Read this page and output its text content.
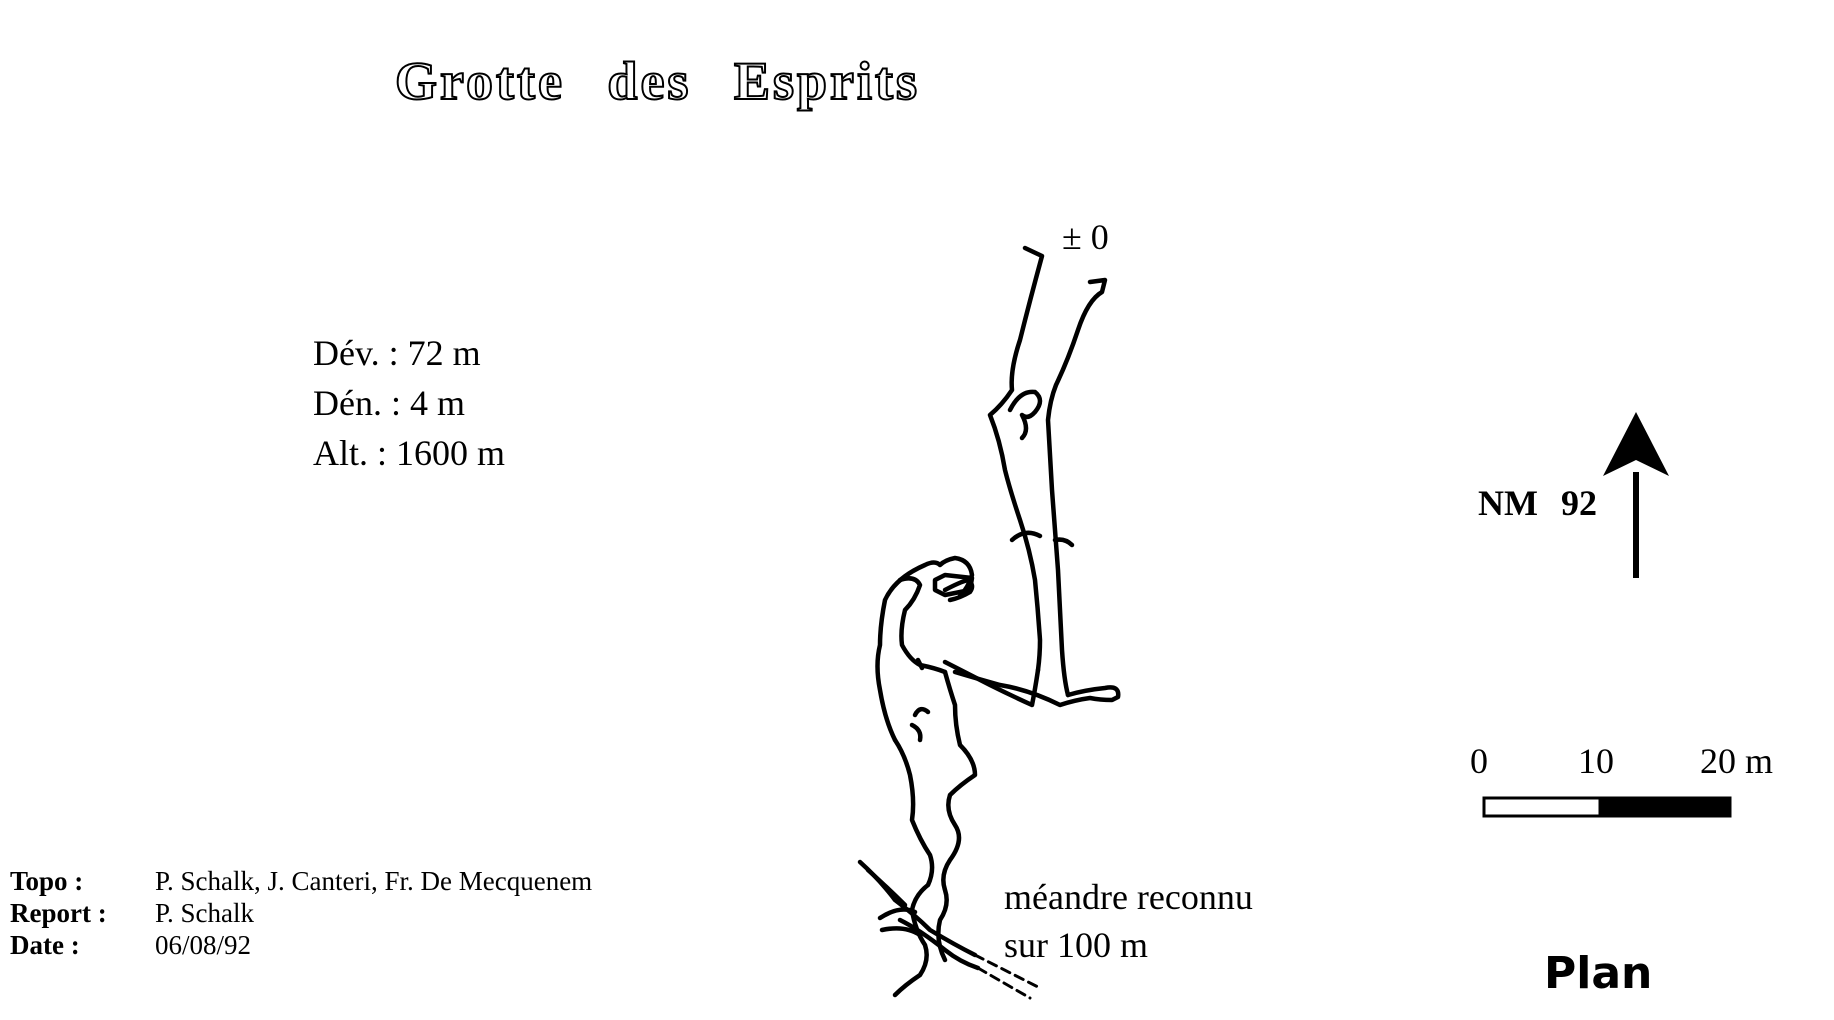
Grotte des Esprits
Dév. : 72 m
Dén. : 4 m
Alt. : 1600 m
Topo :	P. Schalk, J. Canteri, Fr. De Mecquenem
Report : P. Schalk
Date :	06/08/92
± 0
méandre reconnu
sur 100 m
NM 92
0	10 20 m
Plan
